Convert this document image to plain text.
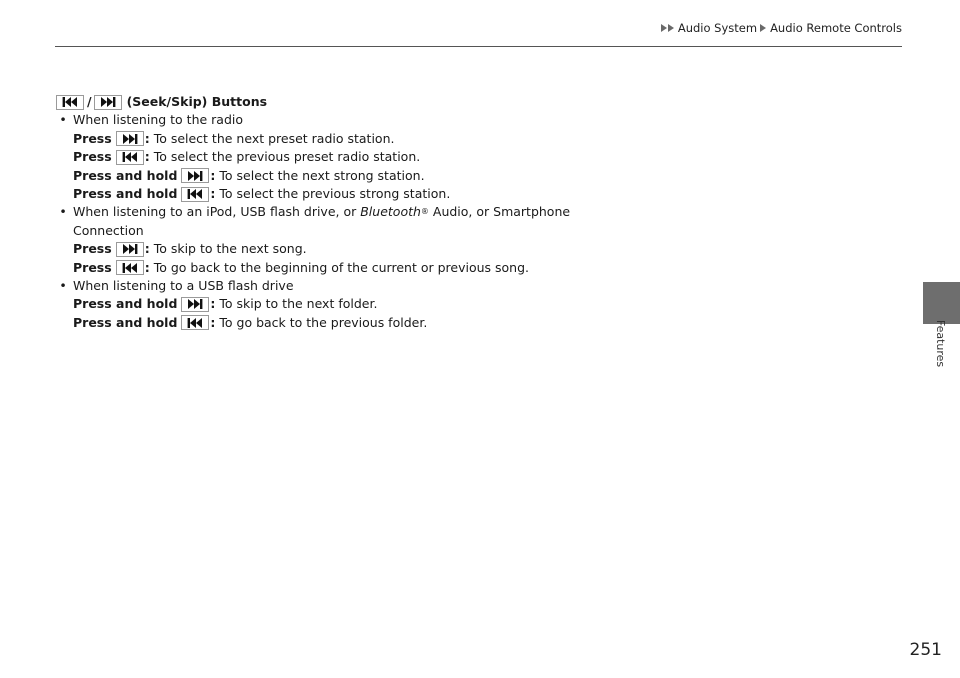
Audio System Audio Remote Controls
Features
/	(Seek/Skip) Buttons
• When listening to the radio
Press	: To select the next preset radio station.
Press	: To select the previous preset radio station.
Press and hold	: To select the next strong station.
Press and hold	: To select the previous strong station.
• When listening to an iPod, USB flash drive, or Bluetooth ® Audio, or Smartphone
Connection
Press	: To skip to the next song.
Press	: To go back to the beginning of the current or previous song.
• When listening to a USB flash drive
Press and hold	: To skip to the next folder.
Press and hold	: To go back to the previous folder.
251
